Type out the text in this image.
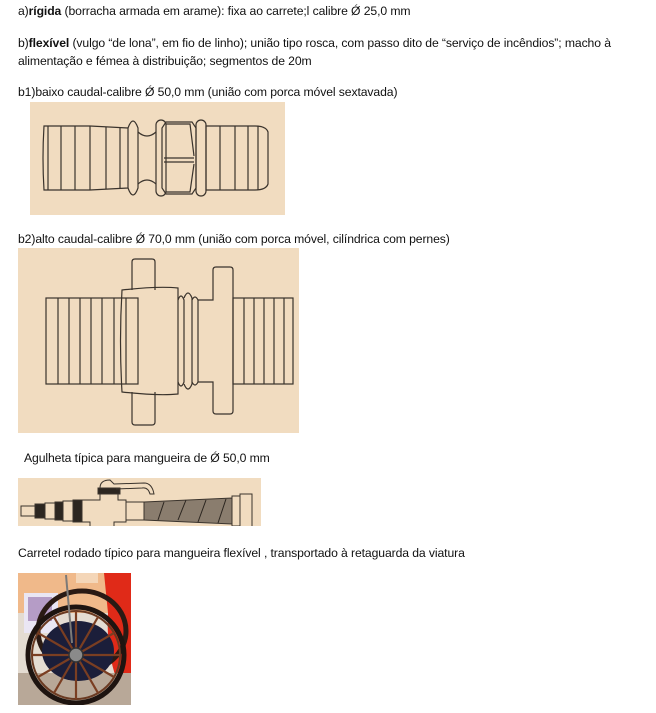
a)rígida (borracha armada em arame): fixa ao carrete;l calibre Ǿ 25,0 mm
b)flexível (vulgo “de lona”, em fio de linho); união tipo rosca, com passo dito de “serviço de incêndios”; macho à
alimentação e fémea à distribuição; segmentos de 20m
b1)baixo caudal-calibre Ǿ 50,0 mm (união com porca móvel sextavada)
b2)alto caudal-calibre Ǿ 70,0 mm (união com porca móvel, cilíndrica com pernes)
Agulheta típica para mangueira de Ǿ 50,0 mm
Carretel rodado típico para mangueira flexível , transportado à retaguarda da viatura
